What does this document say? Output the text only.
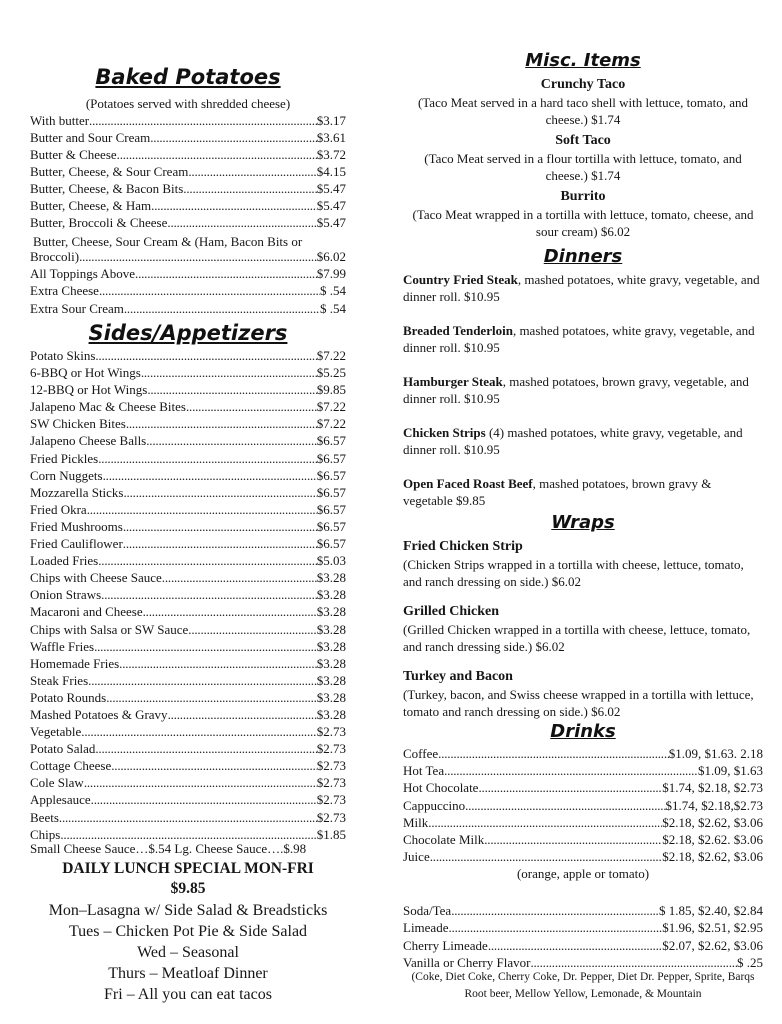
Baked Potatoes
(Potatoes served with shredded cheese)
With butter .....	$3.17
Butter and Sour Cream .....	$3.61
Butter & Cheese .....	$3.72
Butter, Cheese, & Sour Cream .....	$4.15
Butter, Cheese, & Bacon Bits .....	$5.47
Butter, Cheese, & Ham .....	$5.47
Butter, Broccoli & Cheese .....	$5.47
Butter, Cheese, Sour Cream & (Ham, Bacon Bits or
Broccoli) .....	$6.02
All Toppings Above .....	$7.99
Extra Cheese .....	$ .54
Extra Sour Cream .....	$ .54
Sides/Appetizers
Potato Skins .....	$7.22
6-BBQ or Hot Wings .....	$5.25
12-BBQ or Hot Wings .....	$9.85
Jalapeno Mac & Cheese Bites .....	$7.22
SW Chicken Bites .....	$7.22
Jalapeno Cheese Balls .....	$6.57
Fried Pickles .....	$6.57
Corn Nuggets .....	$6.57
Mozzarella Sticks .....	$6.57
Fried Okra .....	$6.57
Fried Mushrooms .....	$6.57
Fried Cauliflower .....	$6.57
Loaded Fries .....	$5.03
Chips with Cheese Sauce .....	$3.28
Onion Straws .....	$3.28
Macaroni and Cheese .....	$3.28
Chips with Salsa or SW Sauce .....	$3.28
Waffle Fries .....	$3.28
Homemade Fries .....	$3.28
Steak Fries .....	$3.28
Potato Rounds .....	$3.28
Mashed Potatoes & Gravy .....	$3.28
Vegetable .....	$2.73
Potato Salad .....	$2.73
Cottage Cheese .....	$2.73
Cole Slaw .....	$2.73
Applesauce .....	$2.73
Beets .....	$2.73
Chips .....	$1.85
Small Cheese Sauce…$.54 Lg. Cheese Sauce….$.98
DAILY LUNCH SPECIAL MON-FRI
$9.85
Mon–Lasagna w/ Side Salad & Breadsticks
Tues – Chicken Pot Pie & Side Salad
Wed – Seasonal
Thurs – Meatloaf Dinner
Fri – All you can eat tacos
Misc. Items
Crunchy Taco
(Taco Meat served in a hard taco shell with lettuce, tomato, and cheese.) $1.74
Soft Taco
(Taco Meat served in a flour tortilla with lettuce, tomato, and cheese.) $1.74
Burrito
(Taco Meat wrapped in a tortilla with lettuce, tomato, cheese, and sour cream) $6.02
Dinners
Country Fried Steak, mashed potatoes, white gravy, vegetable, and dinner roll. $10.95
Breaded Tenderloin, mashed potatoes, white gravy, vegetable, and dinner roll. $10.95
Hamburger Steak, mashed potatoes, brown gravy, vegetable, and dinner roll. $10.95
Chicken Strips (4) mashed potatoes, white gravy, vegetable, and dinner roll. $10.95
Open Faced Roast Beef, mashed potatoes, brown gravy & vegetable $9.85
Wraps
Fried Chicken Strip
(Chicken Strips wrapped in a tortilla with cheese, lettuce, tomato, and ranch dressing on side.) $6.02
Grilled Chicken
(Grilled Chicken wrapped in a tortilla with cheese, lettuce, tomato, and ranch dressing side.) $6.02
Turkey and Bacon
(Turkey, bacon, and Swiss cheese wrapped in a tortilla with lettuce, tomato and ranch dressing on side.) $6.02
Drinks
Coffee .....	$1.09, $1.63. 2.18
Hot Tea .....	$1.09, $1.63
Hot Chocolate .....	$1.74, $2.18, $2.73
Cappuccino .....	$1.74, $2.18,$2.73
Milk .....	$2.18, $2.62, $3.06
Chocolate Milk .....	$2.18, $2.62. $3.06
Juice .....	$2.18, $2.62, $3.06
(orange, apple or tomato)
Soda/Tea .....	$ 1.85, $2.40, $2.84
Limeade .....	$1.96, $2.51, $2.95
Cherry Limeade .....	$2.07, $2.62, $3.06
Vanilla or Cherry Flavor .....	$ .25
(Coke, Diet Coke, Cherry Coke, Dr. Pepper, Diet Dr. Pepper, Sprite, Barqs Root beer, Mellow Yellow, Lemonade, & Mountain
